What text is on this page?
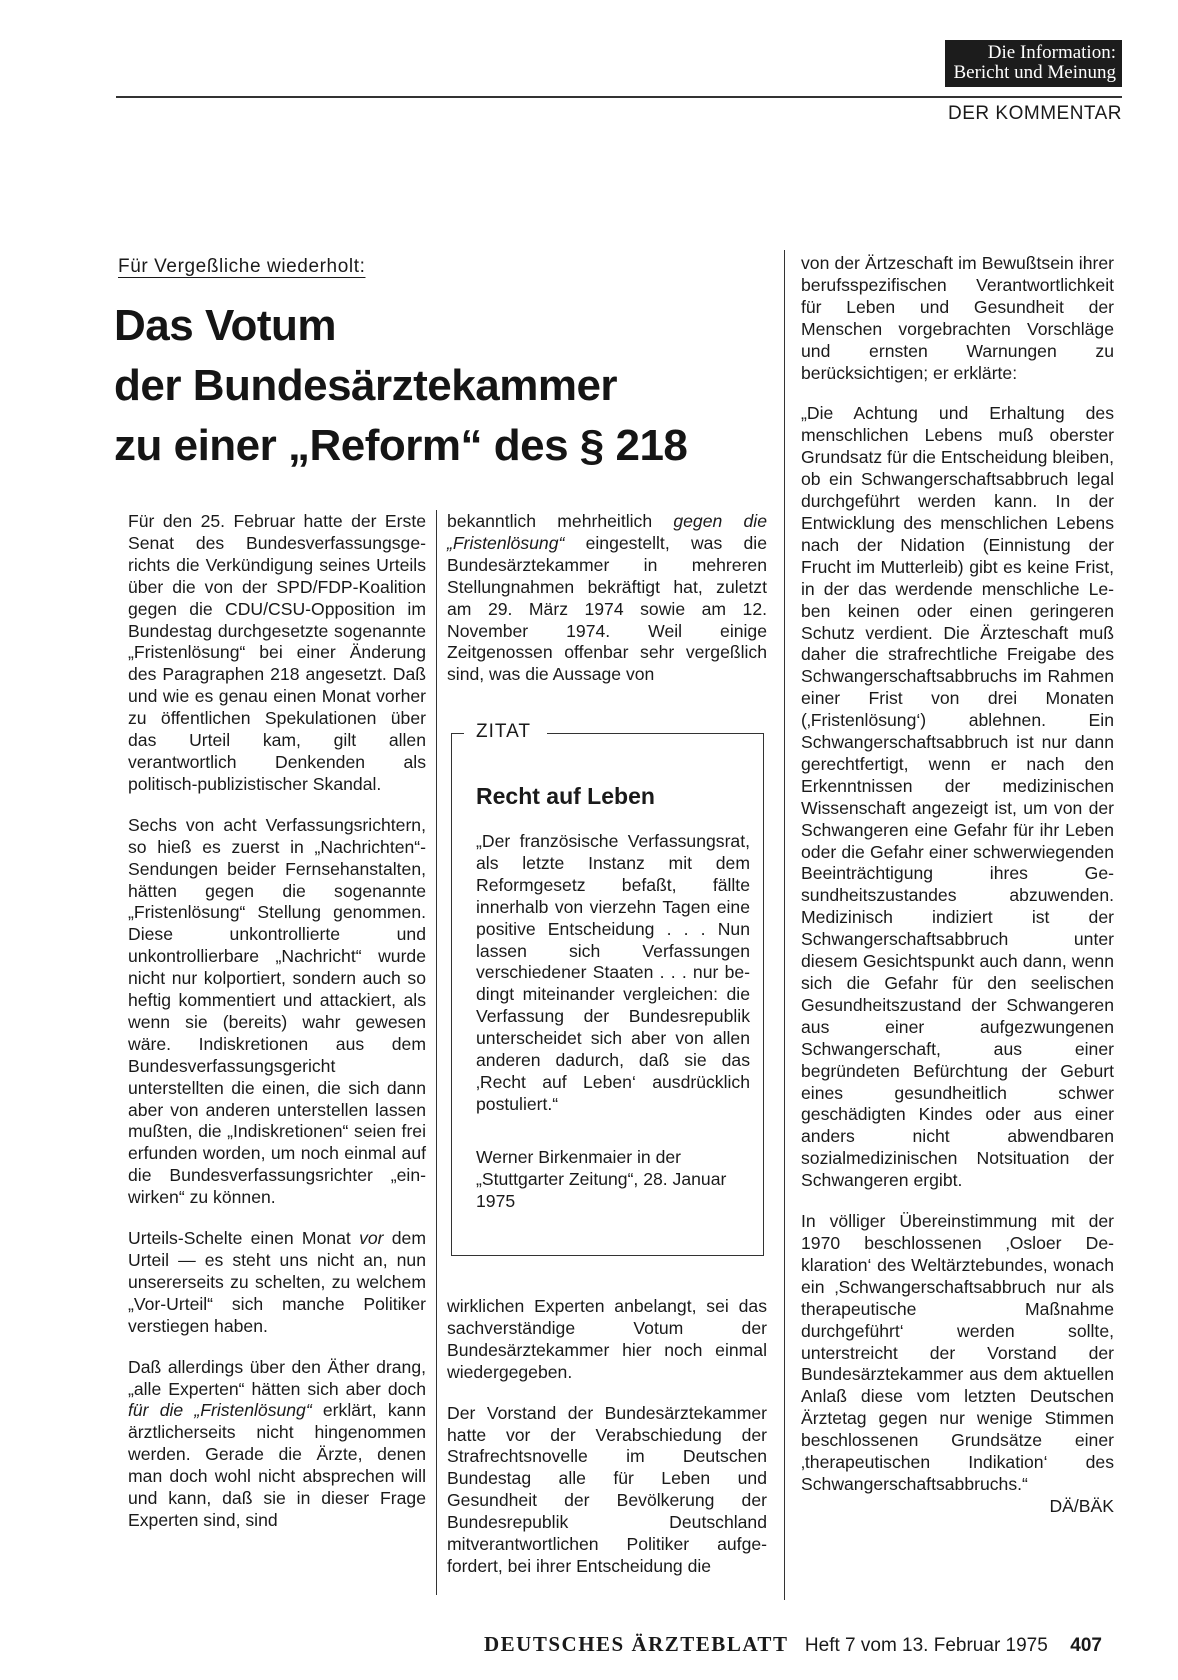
Die Information:
Bericht und Meinung
DER KOMMENTAR
Für Vergeßliche wiederholt:
Das Votum
der Bundesärztekammer
zu einer „Reform“ des § 218

Für den 25. Februar hatte der Erste Senat des Bundesverfassungsgerichts die Verkündigung seines Urteils über die von der SPD/FDP-Koalition gegen die CDU/CSU-Opposition im Bundestag durchgesetzte sogenannte „Fristenlösung“ bei einer Änderung des Paragraphen 218 angesetzt. Daß und wie es genau einen Monat vorher zu öffentlichen Spekulationen über das Urteil kam, gilt allen verantwortlich Denkenden als politisch-publizistischer Skandal.

Sechs von acht Verfassungsrichtern, so hieß es zuerst in „Nachrichten“-Sendungen beider Fernsehanstalten, hätten gegen die sogenannte „Fristenlösung“ Stellung genommen. Diese unkontrollierte und unkontrollierbare „Nachricht“ wurde nicht nur kolportiert, sondern auch so heftig kommentiert und attackiert, als wenn sie (bereits) wahr gewesen wäre. Indiskretionen aus dem Bundesverfassungsgericht unterstellten die einen, die sich dann aber von anderen unterstellen lassen mußten, die „Indiskretionen“ seien frei erfunden worden, um noch einmal auf die Bundesverfassungsrichter „einwirken“ zu können.

Urteils-Schelte einen Monat vor dem Urteil — es steht uns nicht an, nun unsererseits zu schelten, zu welchem „Vor-Urteil“ sich manche Politiker verstiegen haben.

Daß allerdings über den Äther drang, „alle Experten“ hätten sich aber doch für die „Fristenlösung“ erklärt, kann ärztlicherseits nicht hingenommen werden. Gerade die Ärzte, denen man doch wohl nicht absprechen will und kann, daß sie in dieser Frage Experten sind, sind

bekanntlich mehrheitlich gegen die „Fristenlösung“ eingestellt, was die Bundesärztekammer in mehreren Stellungnahmen bekräftigt hat, zuletzt am 29. März 1974 sowie am 12. November 1974. Weil einige Zeitgenossen offenbar sehr vergeßlich sind, was die Aussage von

ZITAT
Recht auf Leben
„Der französische Verfassungsrat, als letzte Instanz mit dem Reformgesetz befaßt, fällte innerhalb von vierzehn Tagen eine positive Entscheidung . . . Nun lassen sich Verfassungen verschiedener Staaten . . . nur bedingt miteinander vergleichen: die Verfassung der Bundesrepublik unterscheidet sich aber von allen anderen dadurch, daß sie das ‚Recht auf Leben‘ ausdrücklich postuliert.“
Werner Birkenmaier in der „Stuttgarter Zeitung“, 28. Januar 1975

wirklichen Experten anbelangt, sei das sachverständige Votum der Bundesärztekammer hier noch einmal wiedergegeben.

Der Vorstand der Bundesärztekammer hatte vor der Verabschiedung der Strafrechtsnovelle im Deutschen Bundestag alle für Leben und Gesundheit der Bevölkerung der Bundesrepublik Deutschland mitverantwortlichen Politiker aufgefordert, bei ihrer Entscheidung die

von der Ärtzeschaft im Bewußtsein ihrer berufsspezifischen Verantwortlichkeit für Leben und Gesundheit der Menschen vorgebrachten Vorschläge und ernsten Warnungen zu berücksichtigen; er erklärte:

„Die Achtung und Erhaltung des menschlichen Lebens muß oberster Grundsatz für die Entscheidung bleiben, ob ein Schwangerschaftsabbruch legal durchgeführt werden kann. In der Entwicklung des menschlichen Lebens nach der Nidation (Einnistung der Frucht im Mutterleib) gibt es keine Frist, in der das werdende menschliche Leben keinen oder einen geringeren Schutz verdient. Die Ärzteschaft muß daher die strafrechtliche Freigabe des Schwangerschaftsabbruchs im Rahmen einer Frist von drei Monaten (‚Fristenlösung‘) ablehnen. Ein Schwangerschaftsabbruch ist nur dann gerechtfertigt, wenn er nach den Erkenntnissen der medizinischen Wissenschaft angezeigt ist, um von der Schwangeren eine Gefahr für ihr Leben oder die Gefahr einer schwerwiegenden Beeinträchtigung ihres Gesundheitszustandes abzuwenden. Medizinisch indiziert ist der Schwangerschaftsabbruch unter diesem Gesichtspunkt auch dann, wenn sich die Gefahr für den seelischen Gesundheitszustand der Schwangeren aus einer aufgezwungenen Schwangerschaft, aus einer begründeten Befürchtung der Geburt eines gesundheitlich schwer geschädigten Kindes oder aus einer anders nicht abwendbaren sozialmedizinischen Notsituation der Schwangeren ergibt.

In völliger Übereinstimmung mit der 1970 beschlossenen ‚Osloer Deklaration‘ des Weltärztebundes, wonach ein ‚Schwangerschaftsabbruch nur als therapeutische Maßnahme durchgeführt‘ werden sollte, unterstreicht der Vorstand der Bundesärztekammer aus dem aktuellen Anlaß diese vom letzten Deutschen Ärztetag gegen nur wenige Stimmen beschlossenen Grundsätze einer ‚therapeutischen Indikation‘ des Schwangerschaftsabbruchs.“

DÄ/BÄK
DEUTSCHES ÄRZTEBLATT Heft 7 vom 13. Februar 1975 407
